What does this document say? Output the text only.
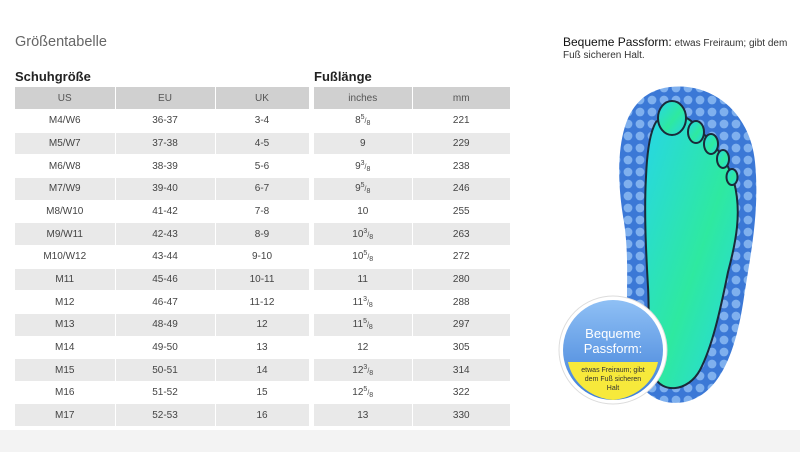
Größentabelle
Schuhgröße	Fußlänge
US	EU	UK	
M4/W6	36-37	3-4	
M5/W7	37-38	4-5	
M6/W8	38-39	5-6	
M7/W9	39-40	6-7	
M8/W10	41-42	7-8	
M9/W11	42-43	8-9	
M10/W12	43-44	9-10	
M11	45-46	10-11	
M12	46-47	11-12	
M13	48-49	12	
M14	49-50	13	
M15	50-51	14	
M16	51-52	15	
M17	52-53	16	
inches	mm
$8^5/_8$	221
9	229
$9^3/_8$	238
$9^5/_8$	246
10	255
$10^3/_8$	263
$10^5/_8$	272
11	280
$11^3/_8$	288
$11^5/_8$	297
12	305
$12^3/_8$	314
$12^5/_8$	322
13	330
Bequeme Passform: etwas Freiraum; gibt dem Fuß sicheren Halt.
Bequeme
Passform:
etwas Freiraum; gibt
dem Fuß sicheren
Halt
